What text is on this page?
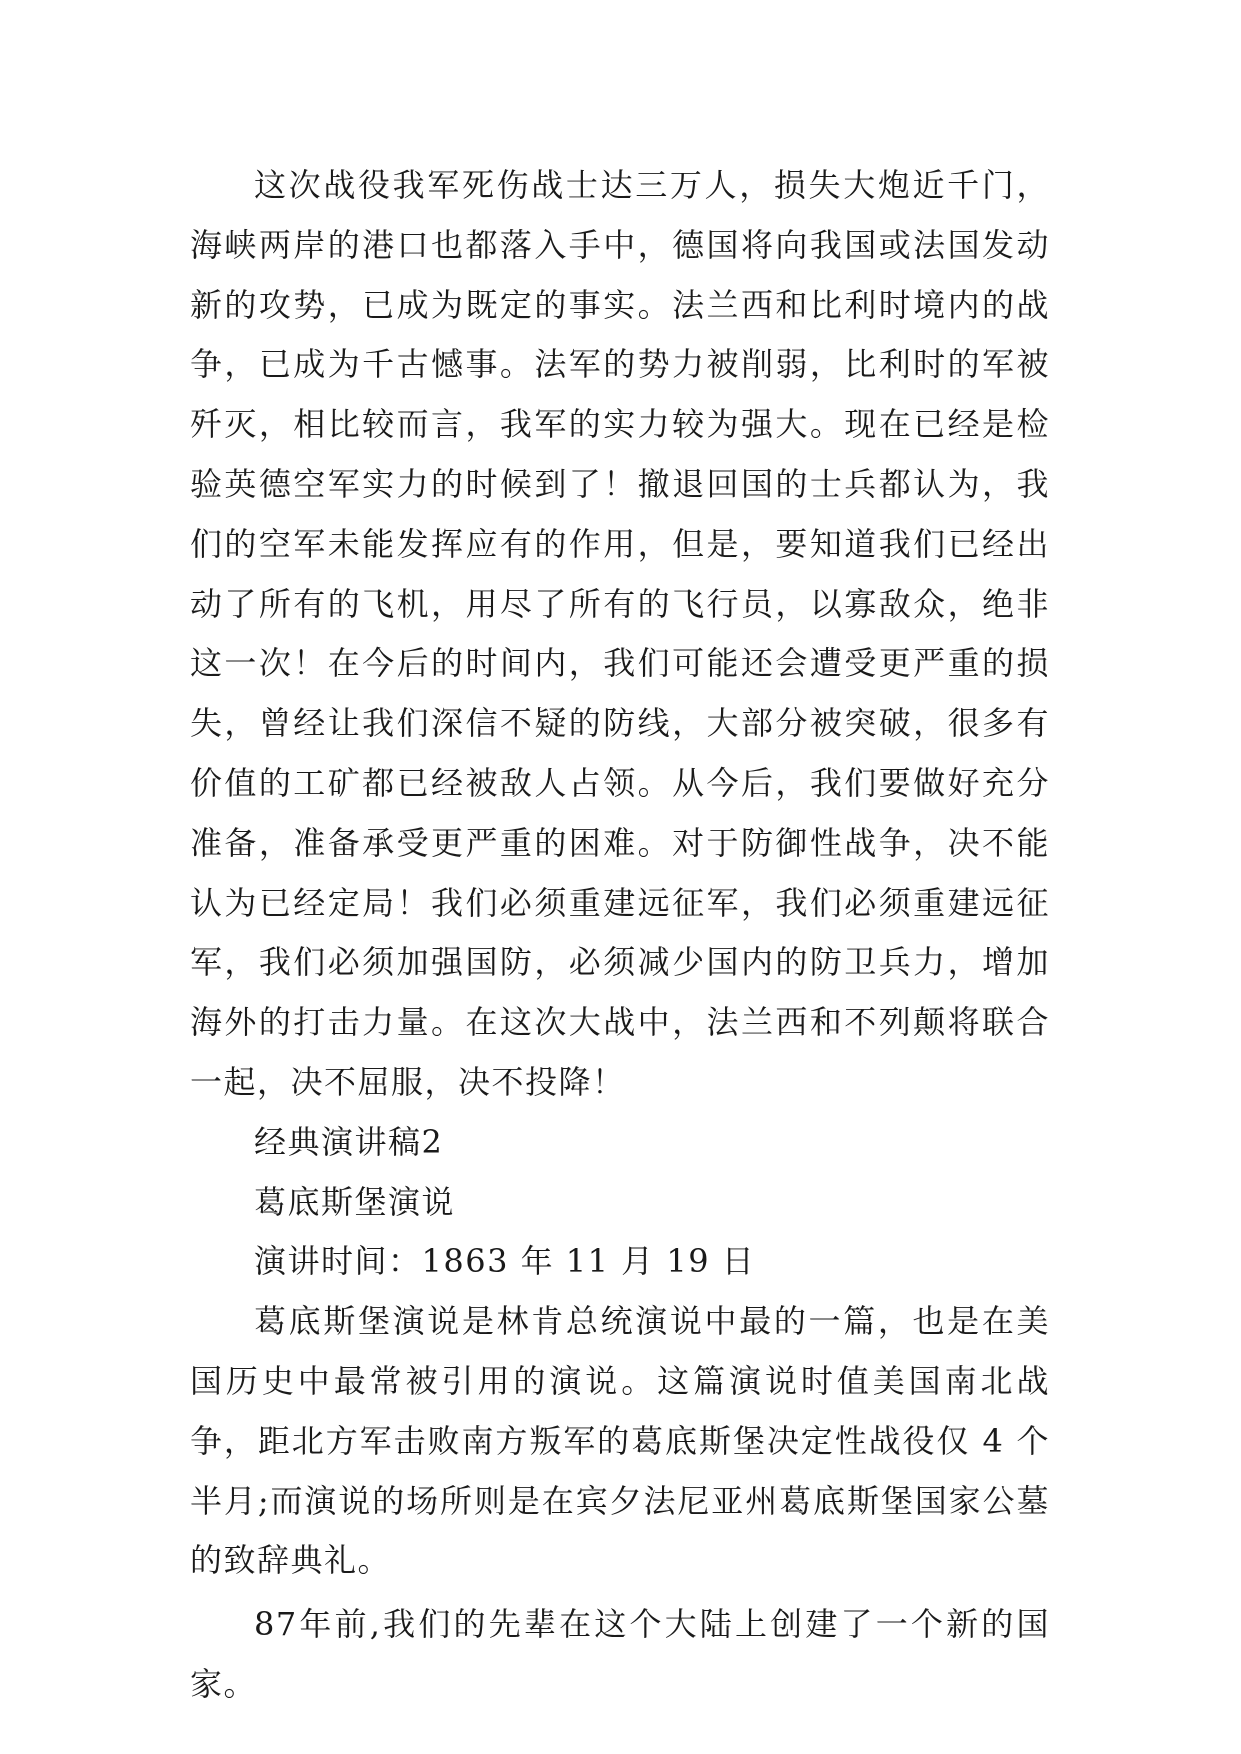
这次战役我军死伤战士达三万人，损失大炮近千门，海峡两岸的港口也都落入手中，德国将向我国或法国发动新的攻势，已成为既定的事实。法兰西和比利时境内的战争，已成为千古憾事。法军的势力被削弱，比利时的军被歼灭，相比较而言，我军的实力较为强大。现在已经是检验英德空军实力的时候到了！撤退回国的士兵都认为，我们的空军未能发挥应有的作用，但是，要知道我们已经出动了所有的飞机，用尽了所有的飞行员，以寡敌众，绝非这一次！在今后的时间内，我们可能还会遭受更严重的损失，曾经让我们深信不疑的防线，大部分被突破，很多有价值的工矿都已经被敌人占领。从今后，我们要做好充分准备，准备承受更严重的困难。对于防御性战争，决不能认为已经定局！我们必须重建远征军，我们必须重建远征军，我们必须加强国防，必须减少国内的防卫兵力，增加海外的打击力量。在这次大战中，法兰西和不列颠将联合一起，决不屈服，决不投降！

经典演讲稿2

葛底斯堡演说

演讲时间：1863 年 11 月 19 日

葛底斯堡演说是林肯总统演说中最的一篇，也是在美国历史中最常被引用的演说。这篇演说时值美国南北战争，距北方军击败南方叛军的葛底斯堡决定性战役仅 4 个半月;而演说的场所则是在宾夕法尼亚州葛底斯堡国家公墓的致辞典礼。

87年前,我们的先辈在这个大陆上创建了一个新的国家。
